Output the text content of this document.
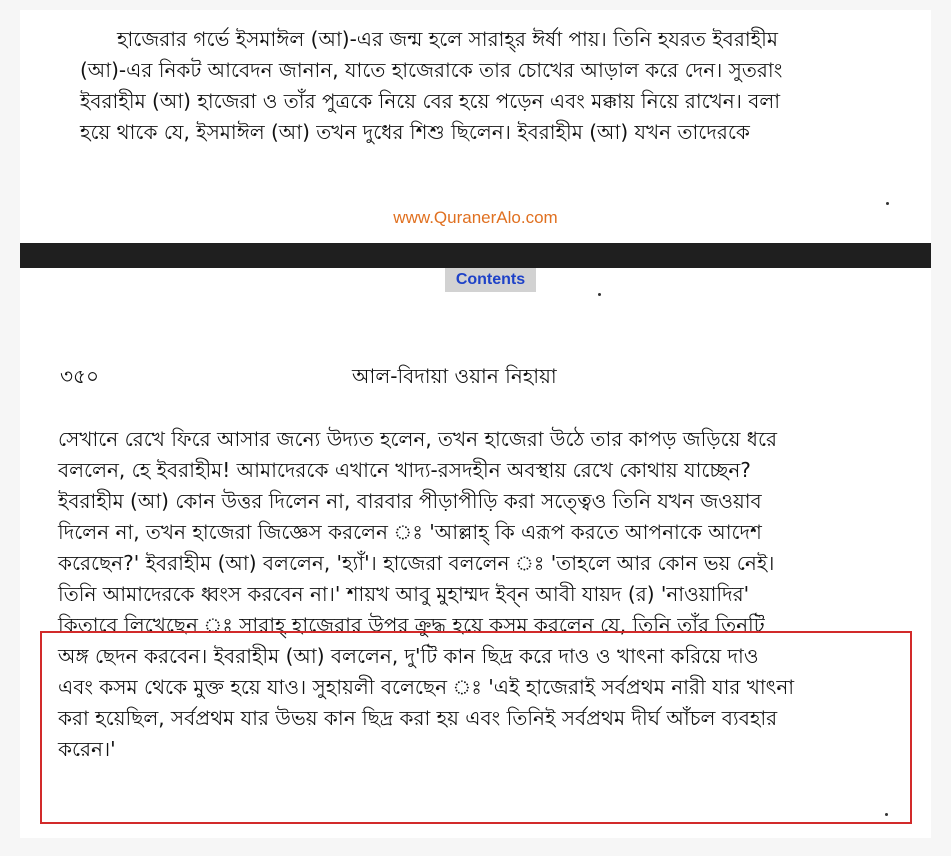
হাজেরার গর্ভে ইসমাঈল (আ)-এর জন্ম হলে সারাহ্‌র ঈর্ষা পায়। তিনি হযরত ইবরাহীম
(আ)-এর নিকট আবেদন জানান, যাতে হাজেরাকে তার চোখের আড়াল করে দেন। সুতরাং
ইবরাহীম (আ) হাজেরা ও তাঁর পুত্রকে নিয়ে বের হয়ে পড়েন এবং মক্কায় নিয়ে রাখেন। বলা
হয়ে থাকে যে, ইসমাঈল (আ) তখন দুধের শিশু ছিলেন। ইবরাহীম (আ) যখন তাদেরকে

www.QuranerAlo.com
Contents
৩৫০	আল-বিদায়া ওয়ান নিহায়া

সেখানে রেখে ফিরে আসার জন্যে উদ্যত হলেন, তখন হাজেরা উঠে তার কাপড় জড়িয়ে ধরে
বললেন, হে ইবরাহীম! আমাদেরকে এখানে খাদ্য-রসদহীন অবস্থায় রেখে কোথায় যাচ্ছেন?
ইবরাহীম (আ) কোন উত্তর দিলেন না, বারবার পীড়াপীড়ি করা সত্ত্বেও তিনি যখন জওয়াব
দিলেন না, তখন হাজেরা জিজ্ঞেস করলেন ঃ 'আল্লাহ্‌ কি এরূপ করতে আপনাকে আদেশ
করেছেন?' ইবরাহীম (আ) বললেন, 'হ্যাঁ'। হাজেরা বললেন ঃ 'তাহলে আর কোন ভয় নেই।
তিনি আমাদেরকে ধ্বংস করবেন না।' শায়খ আবু মুহাম্মদ ইব্‌ন আবী যায়দ (র) 'নাওয়াদির'
কিতাবে লিখেছেন ঃ সারাহ্‌ হাজেরার উপর ক্রুদ্ধ হয়ে কসম করলেন যে, তিনি তাঁর তিনটি
অঙ্গ ছেদন করবেন। ইবরাহীম (আ) বললেন, দু'টি কান ছিদ্র করে দাও ও খাৎনা করিয়ে দাও
এবং কসম থেকে মুক্ত হয়ে যাও। সুহায়লী বলেছেন ঃ 'এই হাজেরাই সর্বপ্রথম নারী যার খাৎনা
করা হয়েছিল, সর্বপ্রথম যার উভয় কান ছিদ্র করা হয় এবং তিনিই সর্বপ্রথম দীর্ঘ আঁচল ব্যবহার
করেন।'
